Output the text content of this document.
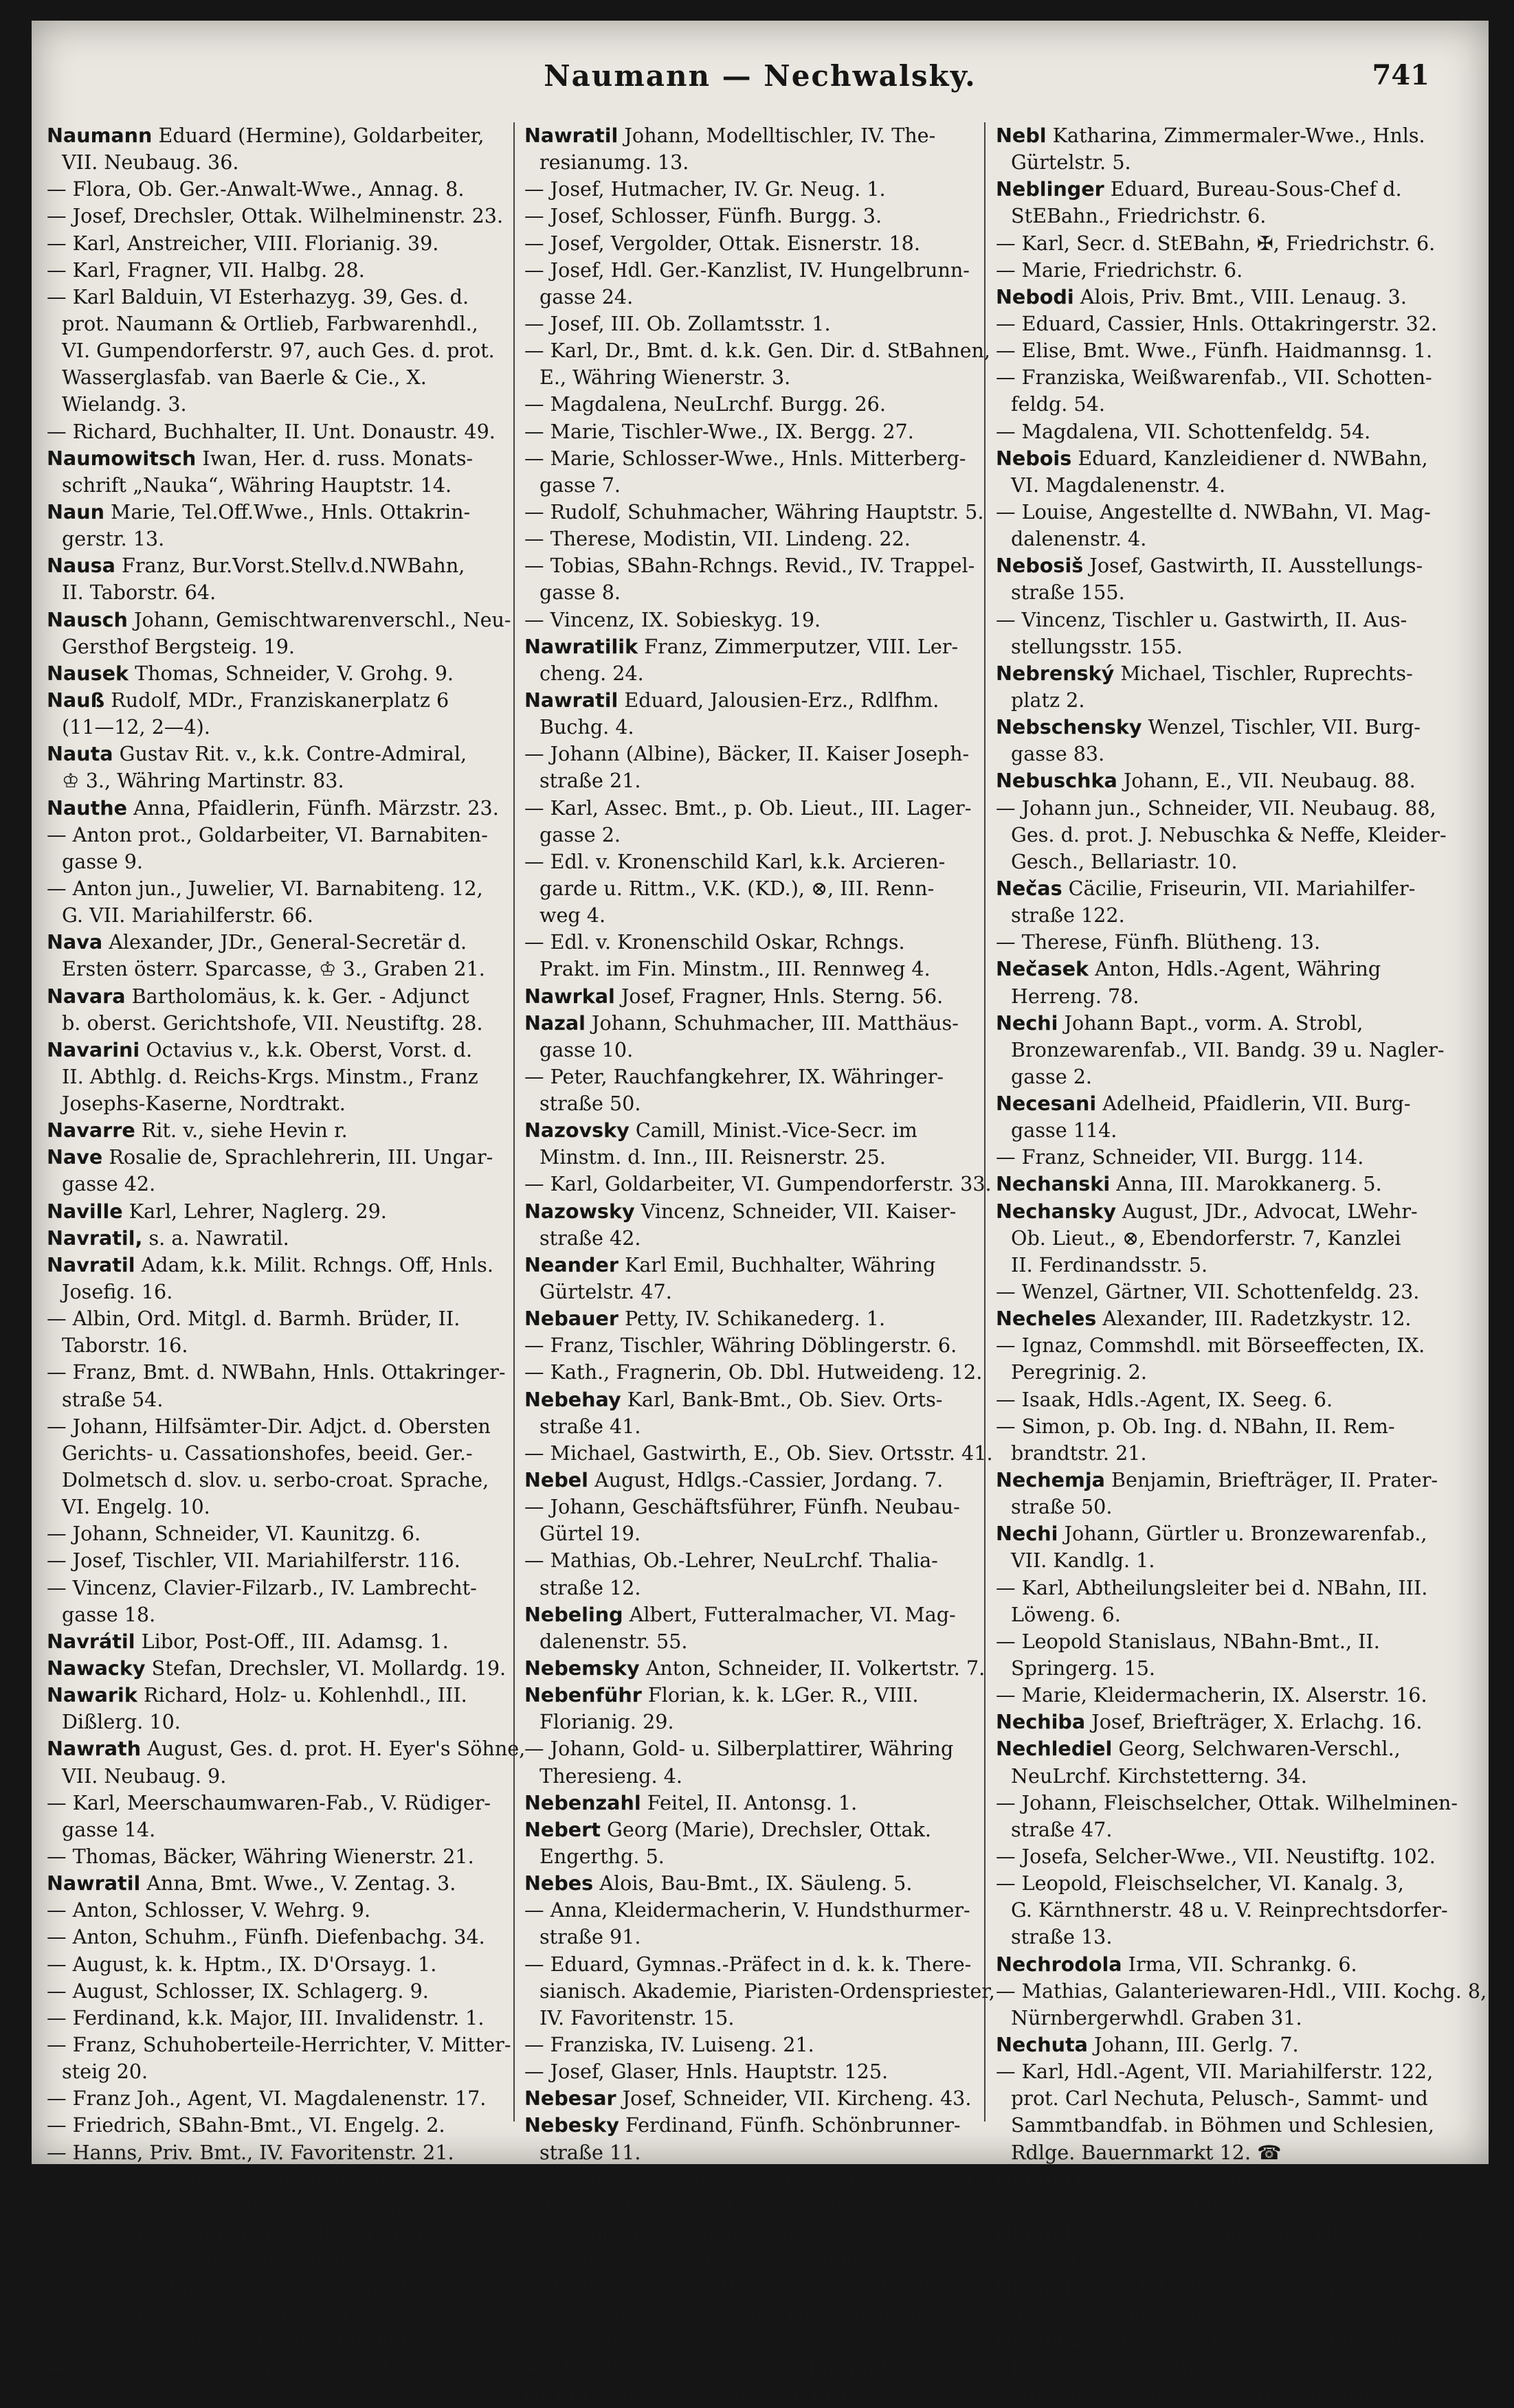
Naumann — Nechwalsky.	741
Naumann Eduard (Hermine), Goldarbeiter,
VII. Neubaug. 36.
— Flora, Ob. Ger.-Anwalt-Wwe., Annag. 8.
— Josef, Drechsler, Ottak. Wilhelminenstr. 23.
— Karl, Anstreicher, VIII. Florianig. 39.
— Karl, Fragner, VII. Halbg. 28.
— Karl Balduin, VI Esterhazyg. 39, Ges. d.
prot. Naumann & Ortlieb, Farbwarenhdl.,
VI. Gumpendorferstr. 97, auch Ges. d. prot.
Wasserglasfab. van Baerle & Cie., X.
Wielandg. 3.
— Richard, Buchhalter, II. Unt. Donaustr. 49.
Naumowitsch Iwan, Her. d. russ. Monats-
schrift „Nauka“, Währing Hauptstr. 14.
Naun Marie, Tel.Off.Wwe., Hnls. Ottakrin-
gerstr. 13.
Nausa Franz, Bur.Vorst.Stellv.d.NWBahn,
II. Taborstr. 64.
Nausch Johann, Gemischtwarenverschl., Neu-
Gersthof Bergsteig. 19.
Nausek Thomas, Schneider, V. Grohg. 9.
Nauß Rudolf, MDr., Franziskanerplatz 6
(11—12, 2—4).
Nauta Gustav Rit. v., k.k. Contre-Admiral,
♔ 3., Währing Martinstr. 83.
Nauthe Anna, Pfaidlerin, Fünfh. Märzstr. 23.
— Anton prot., Goldarbeiter, VI. Barnabiten-
gasse 9.
— Anton jun., Juwelier, VI. Barnabiteng. 12,
G. VII. Mariahilferstr. 66.
Nava Alexander, JDr., General-Secretär d.
Ersten österr. Sparcasse, ♔ 3., Graben 21.
Navara Bartholomäus, k. k. Ger. - Adjunct
b. oberst. Gerichtshofe, VII. Neustiftg. 28.
Navarini Octavius v., k.k. Oberst, Vorst. d.
II. Abthlg. d. Reichs-Krgs. Minstm., Franz
Josephs-Kaserne, Nordtrakt.
Navarre Rit. v., siehe Hevin r.
Nave Rosalie de, Sprachlehrerin, III. Ungar-
gasse 42.
Naville Karl, Lehrer, Naglerg. 29.
Navratil, s. a. Nawratil.
Navratil Adam, k.k. Milit. Rchngs. Off, Hnls.
Josefig. 16.
— Albin, Ord. Mitgl. d. Barmh. Brüder, II.
Taborstr. 16.
— Franz, Bmt. d. NWBahn, Hnls. Ottakringer-
straße 54.
— Johann, Hilfsämter-Dir. Adjct. d. Obersten
Gerichts- u. Cassationshofes, beeid. Ger.-
Dolmetsch d. slov. u. serbo-croat. Sprache,
VI. Engelg. 10.
— Johann, Schneider, VI. Kaunitzg. 6.
— Josef, Tischler, VII. Mariahilferstr. 116.
— Vincenz, Clavier-Filzarb., IV. Lambrecht-
gasse 18.
Navrátil Libor, Post-Off., III. Adamsg. 1.
Nawacky Stefan, Drechsler, VI. Mollardg. 19.
Nawarik Richard, Holz- u. Kohlenhdl., III.
Dißlerg. 10.
Nawrath August, Ges. d. prot. H. Eyer's Söhne,
VII. Neubaug. 9.
— Karl, Meerschaumwaren-Fab., V. Rüdiger-
gasse 14.
— Thomas, Bäcker, Währing Wienerstr. 21.
Nawratil Anna, Bmt. Wwe., V. Zentag. 3.
— Anton, Schlosser, V. Wehrg. 9.
— Anton, Schuhm., Fünfh. Diefenbachg. 34.
— August, k. k. Hptm., IX. D'Orsayg. 1.
— August, Schlosser, IX. Schlagerg. 9.
— Ferdinand, k.k. Major, III. Invalidenstr. 1.
— Franz, Schuhoberteile-Herrichter, V. Mitter-
steig 20.
— Franz Joh., Agent, VI. Magdalenenstr. 17.
— Friedrich, SBahn-Bmt., VI. Engelg. 2.
— Hanns, Priv. Bmt., IV. Favoritenstr. 21.
— Hermann, Nähmaschinen u. Bicycles-Mecha-
niker, VII. Burgg. 20, G. VII. Burgg. 2.
— Johann, Schuhmacher, VII. Kircheng. 11.
— Johann, Friseur, Hnls. Pichlerg. 5.
— Johann, Blumenfab., VII. Burgg. 45.
— Johann, Hutstutter-Erz., VII. Zieglerg. 19.
— Johann, Briefträger, Hnls. Kircheng. 44.
— Johann, E., Währing Gürtelstr. 10.
Nawratil Johann, Modelltischler, IV. The-
resianumg. 13.
— Josef, Hutmacher, IV. Gr. Neug. 1.
— Josef, Schlosser, Fünfh. Burgg. 3.
— Josef, Vergolder, Ottak. Eisnerstr. 18.
— Josef, Hdl. Ger.-Kanzlist, IV. Hungelbrunn-
gasse 24.
— Josef, III. Ob. Zollamtsstr. 1.
— Karl, Dr., Bmt. d. k.k. Gen. Dir. d. StBahnen,
E., Währing Wienerstr. 3.
— Magdalena, NeuLrchf. Burgg. 26.
— Marie, Tischler-Wwe., IX. Bergg. 27.
— Marie, Schlosser-Wwe., Hnls. Mitterberg-
gasse 7.
— Rudolf, Schuhmacher, Währing Hauptstr. 5.
— Therese, Modistin, VII. Lindeng. 22.
— Tobias, SBahn-Rchngs. Revid., IV. Trappel-
gasse 8.
— Vincenz, IX. Sobieskyg. 19.
Nawratilik Franz, Zimmerputzer, VIII. Ler-
cheng. 24.
Nawratil Eduard, Jalousien-Erz., Rdlfhm.
Buchg. 4.
— Johann (Albine), Bäcker, II. Kaiser Joseph-
straße 21.
— Karl, Assec. Bmt., p. Ob. Lieut., III. Lager-
gasse 2.
— Edl. v. Kronenschild Karl, k.k. Arcieren-
garde u. Rittm., V.K. (KD.), ⊗, III. Renn-
weg 4.
— Edl. v. Kronenschild Oskar, Rchngs.
Prakt. im Fin. Minstm., III. Rennweg 4.
Nawrkal Josef, Fragner, Hnls. Sterng. 56.
Nazal Johann, Schuhmacher, III. Matthäus-
gasse 10.
— Peter, Rauchfangkehrer, IX. Währinger-
straße 50.
Nazovsky Camill, Minist.-Vice-Secr. im
Minstm. d. Inn., III. Reisnerstr. 25.
— Karl, Goldarbeiter, VI. Gumpendorferstr. 33.
Nazowsky Vincenz, Schneider, VII. Kaiser-
straße 42.
Neander Karl Emil, Buchhalter, Währing
Gürtelstr. 47.
Nebauer Petty, IV. Schikanederg. 1.
— Franz, Tischler, Währing Döblingerstr. 6.
— Kath., Fragnerin, Ob. Dbl. Hutweideng. 12.
Nebehay Karl, Bank-Bmt., Ob. Siev. Orts-
straße 41.
— Michael, Gastwirth, E., Ob. Siev. Ortsstr. 41.
Nebel August, Hdlgs.-Cassier, Jordang. 7.
— Johann, Geschäftsführer, Fünfh. Neubau-
Gürtel 19.
— Mathias, Ob.-Lehrer, NeuLrchf. Thalia-
straße 12.
Nebeling Albert, Futteralmacher, VI. Mag-
dalenenstr. 55.
Nebemsky Anton, Schneider, II. Volkertstr. 7.
Nebenführ Florian, k. k. LGer. R., VIII.
Florianig. 29.
— Johann, Gold- u. Silberplattirer, Währing
Theresieng. 4.
Nebenzahl Feitel, II. Antonsg. 1.
Nebert Georg (Marie), Drechsler, Ottak.
Engerthg. 5.
Nebes Alois, Bau-Bmt., IX. Säuleng. 5.
— Anna, Kleidermacherin, V. Hundsthurmer-
straße 91.
— Eduard, Gymnas.-Präfect in d. k. k. There-
sianisch. Akademie, Piaristen-Ordenspriester,
IV. Favoritenstr. 15.
— Franziska, IV. Luiseng. 21.
— Josef, Glaser, Hnls. Hauptstr. 125.
Nebesar Josef, Schneider, VII. Kircheng. 43.
Nebesky Ferdinand, Fünfh. Schönbrunner-
straße 11.
— Ferdinand, Architekt, Bmt. d. k.k. Gen. Dir.
d. St. Bahnen, Fünfh. Mariahilfer Gürtel 29.
— Ferdinand, V. Ziegelofeng. 20.
— Jakob, p. LGer. R., IV. Hechteng. 1 a.
— Michael, Gastwirth, E., Ob. Siev. Dorfstr. 41.
— Oscar, Dr., Assist. an d. Hdls. Akad., IV.
Hechteng. 1 a.
— Theodor, Priv. Bmt., VII. Mariahilferstr. 4.
Nebili Stefan, E., NeuLrchf. Fröbelg. 57.
Nebl Katharina, Zimmermaler-Wwe., Hnls.
Gürtelstr. 5.
Neblinger Eduard, Bureau-Sous-Chef d.
StEBahn., Friedrichstr. 6.
— Karl, Secr. d. StEBahn, ✠, Friedrichstr. 6.
— Marie, Friedrichstr. 6.
Nebodi Alois, Priv. Bmt., VIII. Lenaug. 3.
— Eduard, Cassier, Hnls. Ottakringerstr. 32.
— Elise, Bmt. Wwe., Fünfh. Haidmannsg. 1.
— Franziska, Weißwarenfab., VII. Schotten-
feldg. 54.
— Magdalena, VII. Schottenfeldg. 54.
Nebois Eduard, Kanzleidiener d. NWBahn,
VI. Magdalenenstr. 4.
— Louise, Angestellte d. NWBahn, VI. Mag-
dalenenstr. 4.
Nebosiš Josef, Gastwirth, II. Ausstellungs-
straße 155.
— Vincenz, Tischler u. Gastwirth, II. Aus-
stellungsstr. 155.
Nebrenský Michael, Tischler, Ruprechts-
platz 2.
Nebschensky Wenzel, Tischler, VII. Burg-
gasse 83.
Nebuschka Johann, E., VII. Neubaug. 88.
— Johann jun., Schneider, VII. Neubaug. 88,
Ges. d. prot. J. Nebuschka & Neffe, Kleider-
Gesch., Bellariastr. 10.
Nečas Cäcilie, Friseurin, VII. Mariahilfer-
straße 122.
— Therese, Fünfh. Blütheng. 13.
Nečasek Anton, Hdls.-Agent, Währing
Herreng. 78.
Nechi Johann Bapt., vorm. A. Strobl,
Bronzewarenfab., VII. Bandg. 39 u. Nagler-
gasse 2.
Necesani Adelheid, Pfaidlerin, VII. Burg-
gasse 114.
— Franz, Schneider, VII. Burgg. 114.
Nechanski Anna, III. Marokkanerg. 5.
Nechansky August, JDr., Advocat, LWehr-
Ob. Lieut., ⊗, Ebendorferstr. 7, Kanzlei
II. Ferdinandsstr. 5.
— Wenzel, Gärtner, VII. Schottenfeldg. 23.
Necheles Alexander, III. Radetzkystr. 12.
— Ignaz, Commshdl. mit Börseeffecten, IX.
Peregrinig. 2.
— Isaak, Hdls.-Agent, IX. Seeg. 6.
— Simon, p. Ob. Ing. d. NBahn, II. Rem-
brandtstr. 21.
Nechemja Benjamin, Briefträger, II. Prater-
straße 50.
Nechi Johann, Gürtler u. Bronzewarenfab.,
VII. Kandlg. 1.
— Karl, Abtheilungsleiter bei d. NBahn, III.
Löweng. 6.
— Leopold Stanislaus, NBahn-Bmt., II.
Springerg. 15.
— Marie, Kleidermacherin, IX. Alserstr. 16.
Nechiba Josef, Briefträger, X. Erlachg. 16.
Nechlediel Georg, Selchwaren-Verschl.,
NeuLrchf. Kirchstetterng. 34.
— Johann, Fleischselcher, Ottak. Wilhelminen-
straße 47.
— Josefa, Selcher-Wwe., VII. Neustiftg. 102.
— Leopold, Fleischselcher, VI. Kanalg. 3,
G. Kärnthnerstr. 48 u. V. Reinprechtsdorfer-
straße 13.
Nechrodola Irma, VII. Schrankg. 6.
— Mathias, Galanteriewaren-Hdl., VIII. Kochg. 8,
Nürnbergerwhdl. Graben 31.
Nechuta Johann, III. Gerlg. 7.
— Karl, Hdl.-Agent, VII. Mariahilferstr. 122,
prot. Carl Nechuta, Pelusch-, Sammt- und
Sammtbandfab. in Böhmen und Schlesien,
Rdlge. Bauernmarkt 12. ☎
Nechutny Alex., V. Schloßg. 3.
— Magdalene, V. Schloßg. 3.
Nechvil Wenzel, Schuhmacher, Hnls. Wein-
hauserstr. 27.
Nechvile F., Metalldreher, V. Ziegelofeng. 1
u. V. Matzleinsdorferstr. 2.
Nechwalsky Josef, k.k. Oberst-Lieut., VIII.
Josefstädterstr. 46.
— Josefine, Rittm. Wwe., III. Marxerg. 13a.
